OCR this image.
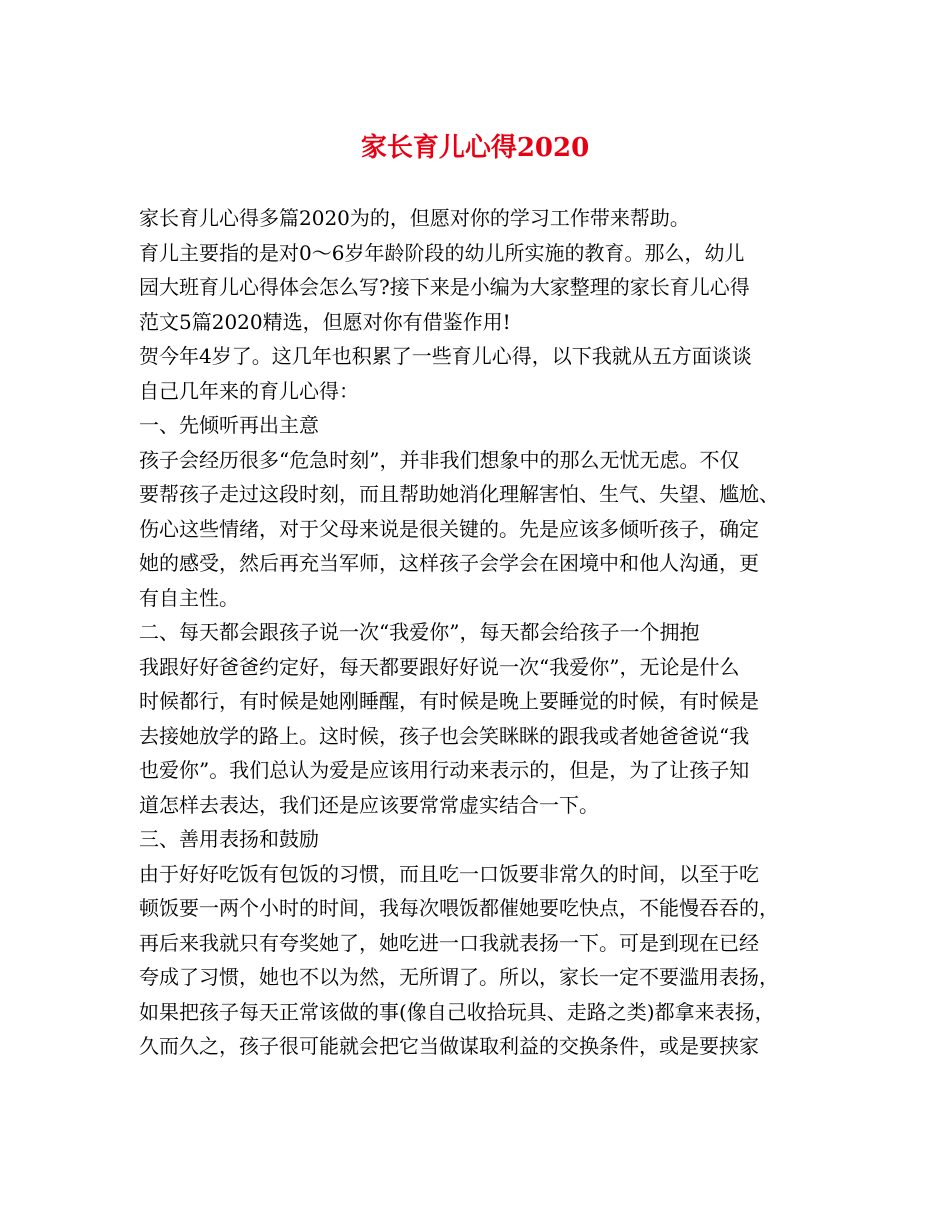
家长育儿心得2020
家长育儿心得多篇2020为的，但愿对你的学习工作带来帮助。
育儿主要指的是对0～6岁年龄阶段的幼儿所实施的教育。那么，幼儿
园大班育儿心得体会怎么写?接下来是小编为大家整理的家长育儿心得
范文5篇2020精选，但愿对你有借鉴作用!
贺今年4岁了。这几年也积累了一些育儿心得，以下我就从五方面谈谈
自己几年来的育儿心得：
一、先倾听再出主意
孩子会经历很多“危急时刻”，并非我们想象中的那么无忧无虑。不仅
要帮孩子走过这段时刻，而且帮助她消化理解害怕、生气、失望、尴尬、
伤心这些情绪，对于父母来说是很关键的。先是应该多倾听孩子，确定
她的感受，然后再充当军师，这样孩子会学会在困境中和他人沟通，更
有自主性。
二、每天都会跟孩子说一次“我爱你”，每天都会给孩子一个拥抱
我跟好好爸爸约定好，每天都要跟好好说一次“我爱你”，无论是什么
时候都行，有时候是她刚睡醒，有时候是晚上要睡觉的时候，有时候是
去接她放学的路上。这时候，孩子也会笑眯眯的跟我或者她爸爸说“我
也爱你”。我们总认为爱是应该用行动来表示的，但是，为了让孩子知
道怎样去表达，我们还是应该要常常虚实结合一下。
三、善用表扬和鼓励
由于好好吃饭有包饭的习惯，而且吃一口饭要非常久的时间，以至于吃
顿饭要一两个小时的时间，我每次喂饭都催她要吃快点，不能慢吞吞的，
再后来我就只有夸奖她了，她吃进一口我就表扬一下。可是到现在已经
夸成了习惯，她也不以为然，无所谓了。所以，家长一定不要滥用表扬，
如果把孩子每天正常该做的事(像自己收拾玩具、走路之类)都拿来表扬，
久而久之，孩子很可能就会把它当做谋取利益的交换条件，或是要挟家
